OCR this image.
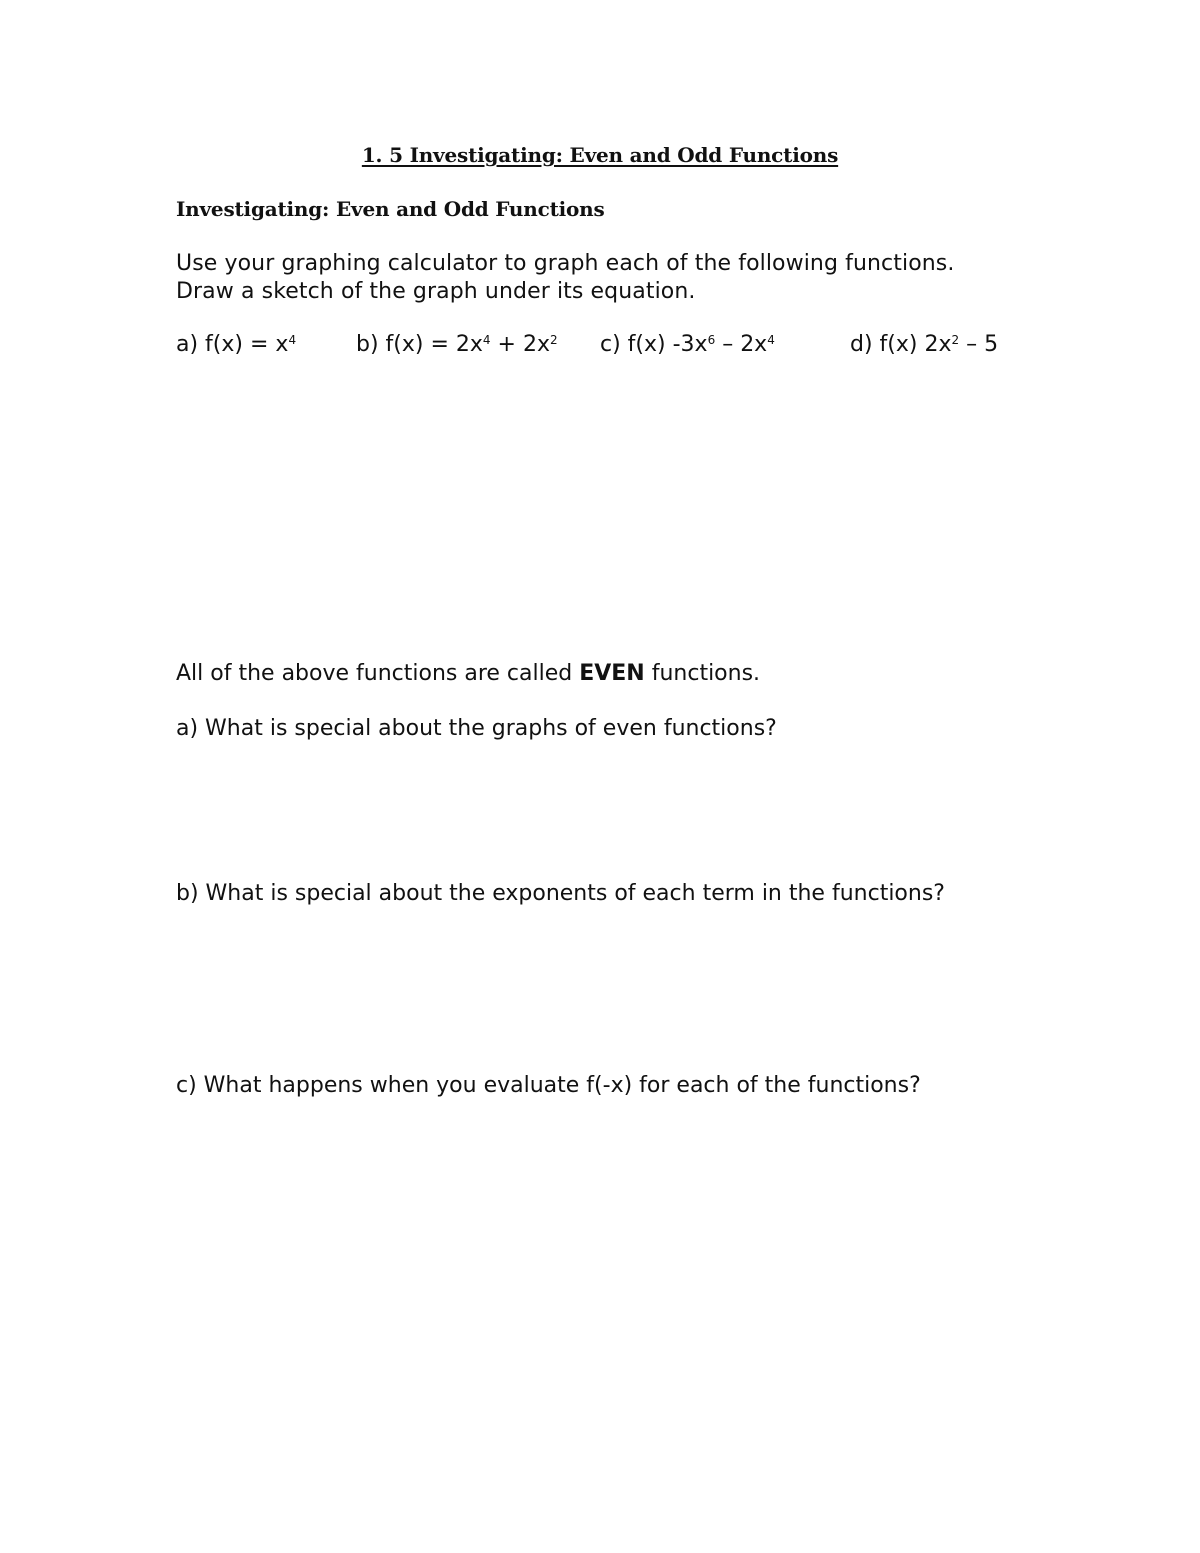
1. 5 Investigating: Even and Odd Functions
Investigating: Even and Odd Functions
Use your graphing calculator to graph each of the following functions.
Draw a sketch of the graph under its equation.
a) $f(x) = x^4$	b) $f(x) = 2x^4 + 2x^2$ c) f(x) $-3x^6 - 2x^4$	d) f(x) $2x^2 - 5$
All of the above functions are called EVEN functions.
a) What is special about the graphs of even functions?
b) What is special about the exponents of each term in the functions?
c) What happens when you evaluate f(-x) for each of the functions?
